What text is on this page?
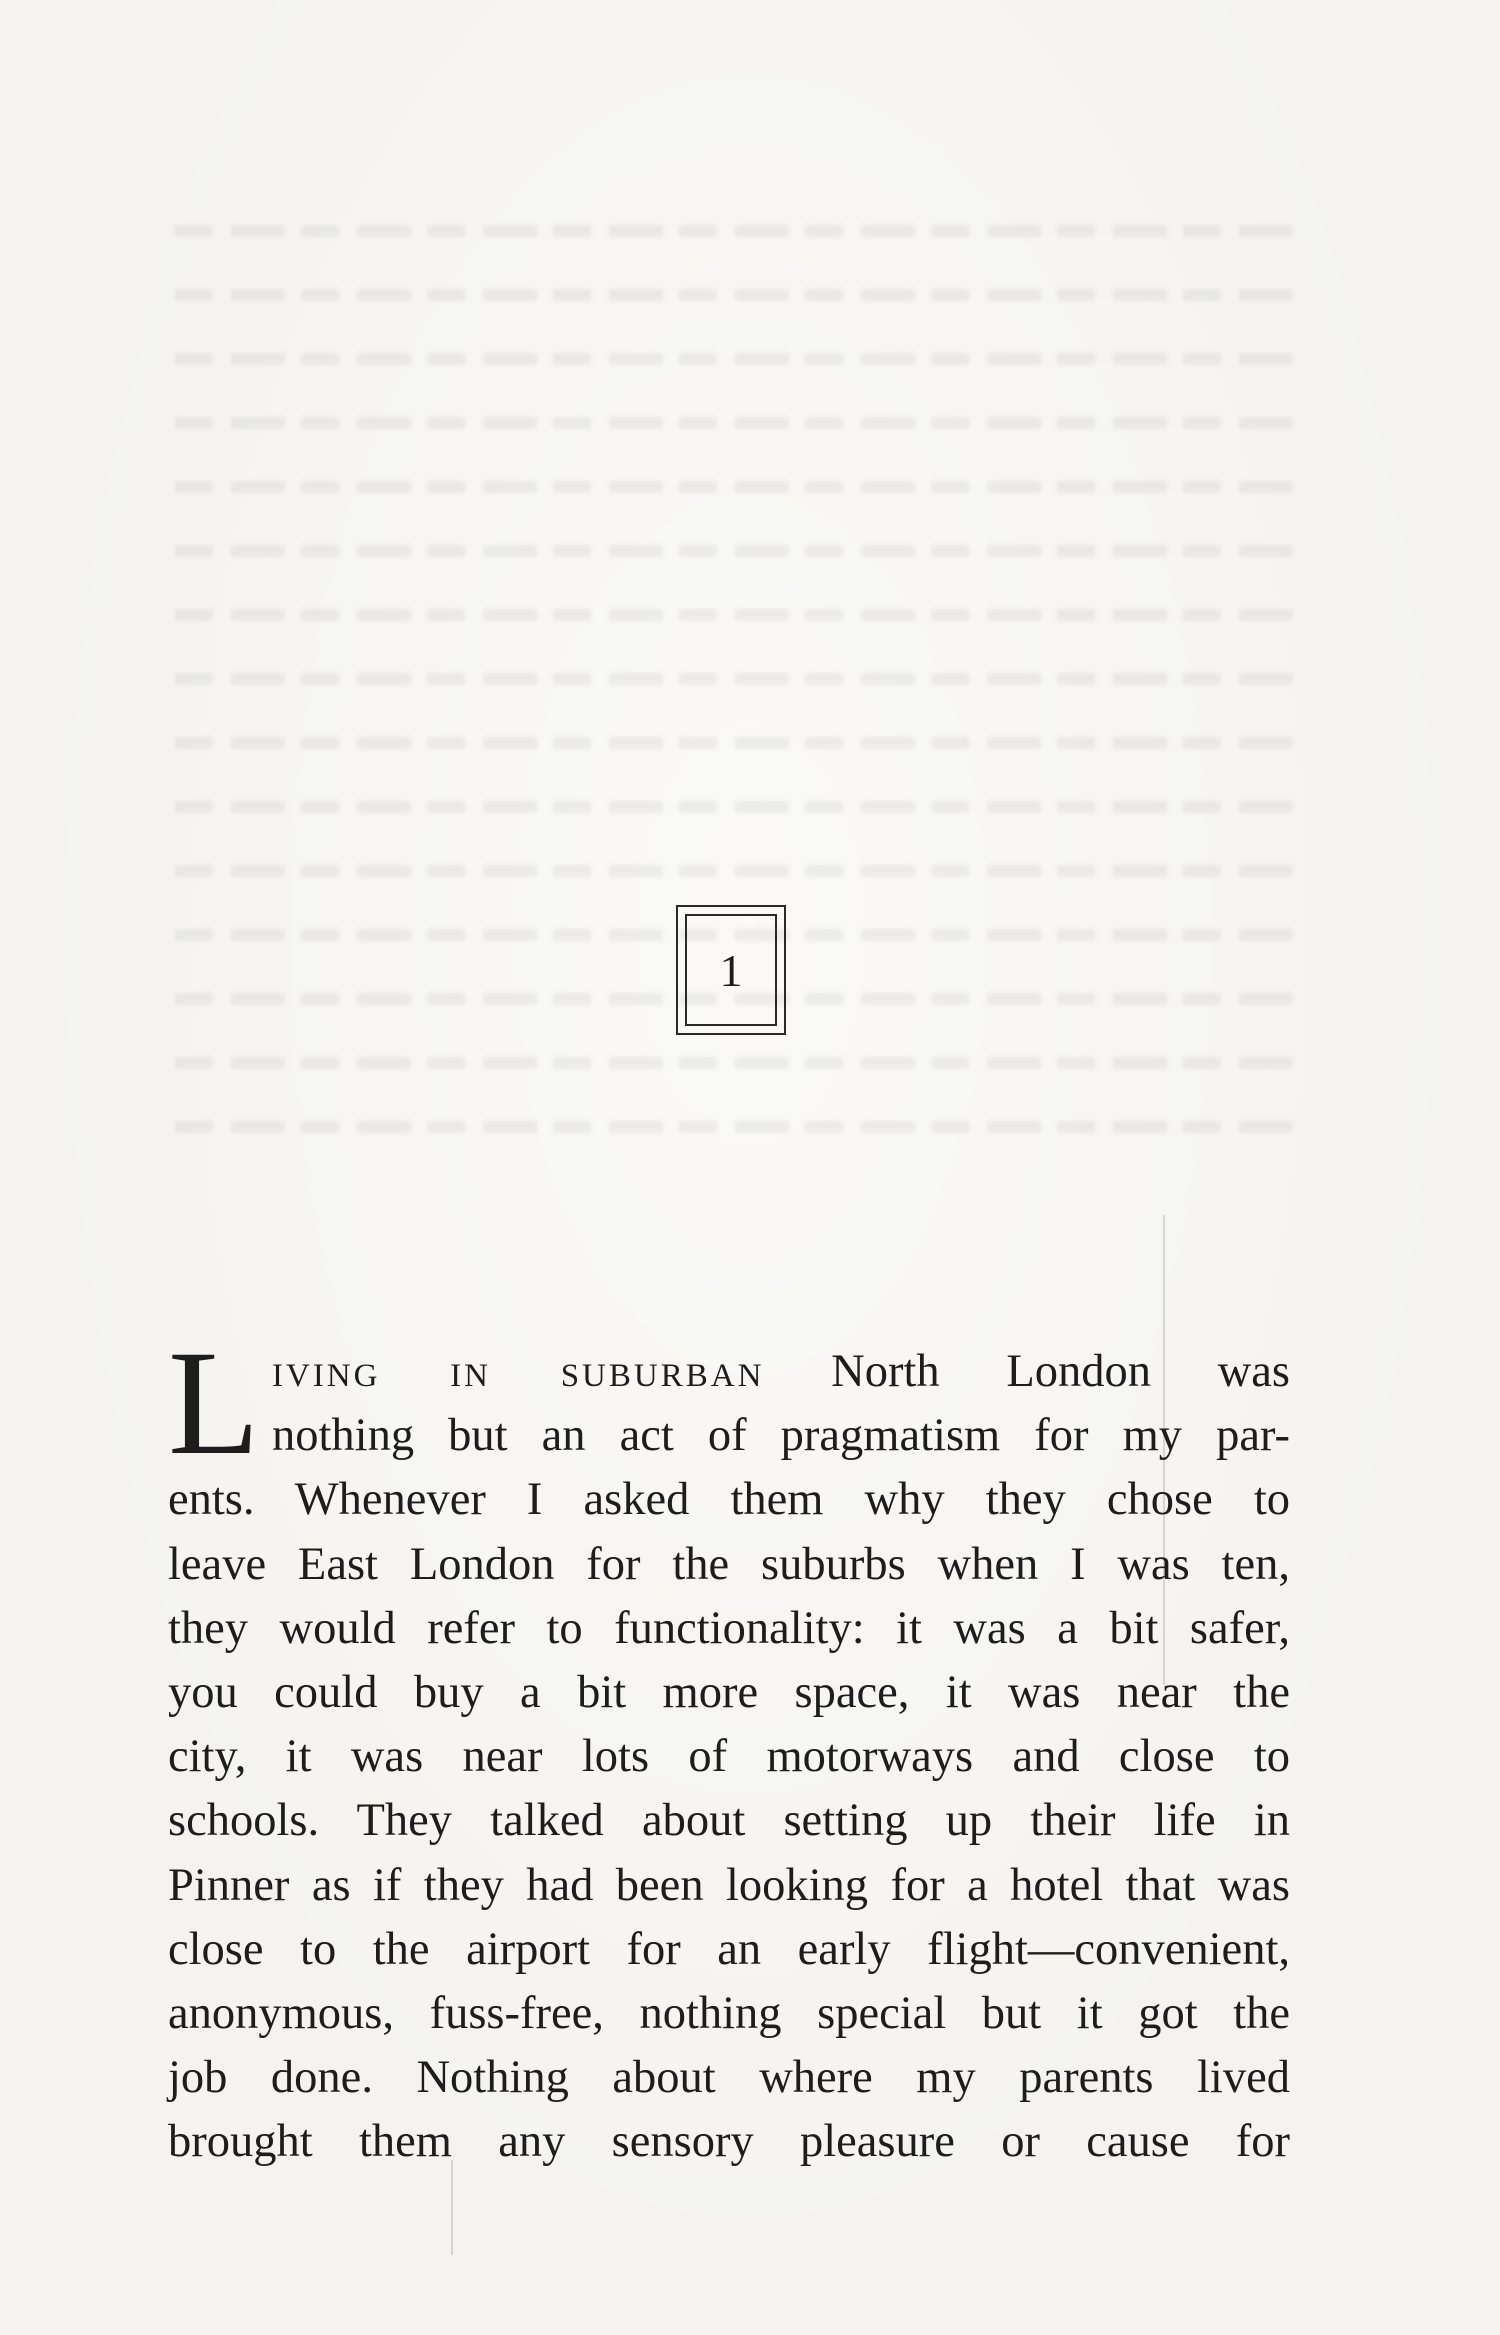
1
L iving in suburban North London was
nothing but an act of pragmatism for my par-
ents. Whenever I asked them why they chose to
leave East London for the suburbs when I was ten,
they would refer to functionality: it was a bit safer,
you could buy a bit more space, it was near the
city, it was near lots of motorways and close to
schools. They talked about setting up their life in
Pinner as if they had been looking for a hotel that was
close to the airport for an early flight—convenient,
anonymous, fuss-free, nothing special but it got the
job done. Nothing about where my parents lived
brought them any sensory pleasure or cause for
